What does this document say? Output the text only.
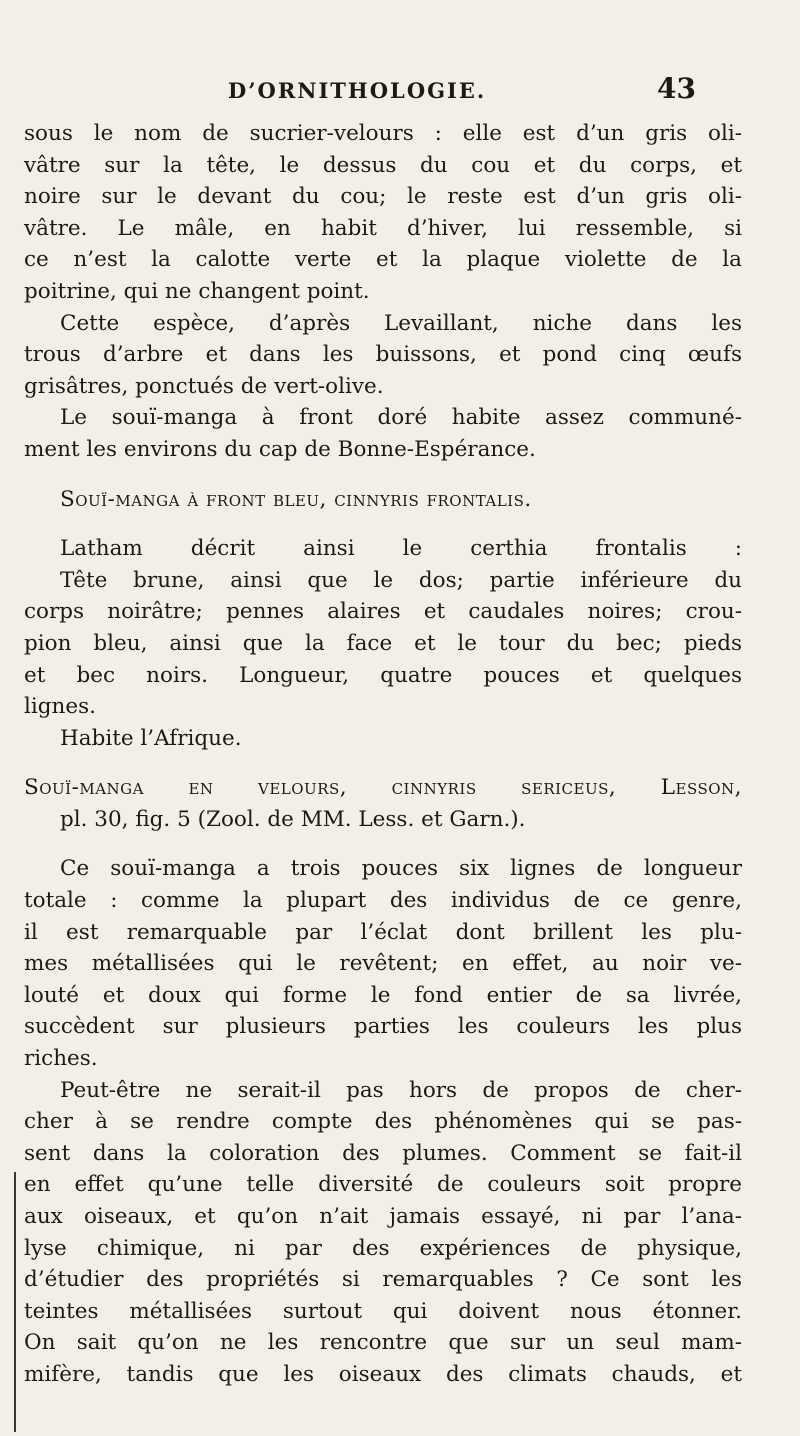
D’ORNITHOLOGIE.	43
sous le nom de sucrier-velours : elle est d’un gris oli-
vâtre sur la tête, le dessus du cou et du corps, et
noire sur le devant du cou; le reste est d’un gris oli-
vâtre. Le mâle, en habit d’hiver, lui ressemble, si
ce n’est la calotte verte et la plaque violette de la
poitrine, qui ne changent point.
Cette espèce, d’après Levaillant, niche dans les
trous d’arbre et dans les buissons, et pond cinq œufs
grisâtres, ponctués de vert-olive.
Le souï-manga à front doré habite assez communé-
ment les environs du cap de Bonne-Espérance.
Souï-manga à front bleu, cinnyris frontalis.
Latham décrit ainsi le certhia frontalis :
Tête brune, ainsi que le dos; partie inférieure du
corps noirâtre; pennes alaires et caudales noires; crou-
pion bleu, ainsi que la face et le tour du bec; pieds
et bec noirs. Longueur, quatre pouces et quelques
lignes.
Habite l’Afrique.
Souï-manga en velours, cinnyris sericeus, Lesson,
pl. 30, fig. 5 (Zool. de MM. Less. et Garn.).
Ce souï-manga a trois pouces six lignes de longueur
totale : comme la plupart des individus de ce genre,
il est remarquable par l’éclat dont brillent les plu-
mes métallisées qui le revêtent; en effet, au noir ve-
louté et doux qui forme le fond entier de sa livrée,
succèdent sur plusieurs parties les couleurs les plus
riches.
Peut-être ne serait-il pas hors de propos de cher-
cher à se rendre compte des phénomènes qui se pas-
sent dans la coloration des plumes. Comment se fait-il
en effet qu’une telle diversité de couleurs soit propre
aux oiseaux, et qu’on n’ait jamais essayé, ni par l’ana-
lyse chimique, ni par des expériences de physique,
d’étudier des propriétés si remarquables ? Ce sont les
teintes métallisées surtout qui doivent nous étonner.
On sait qu’on ne les rencontre que sur un seul mam-
mifère, tandis que les oiseaux des climats chauds, et
